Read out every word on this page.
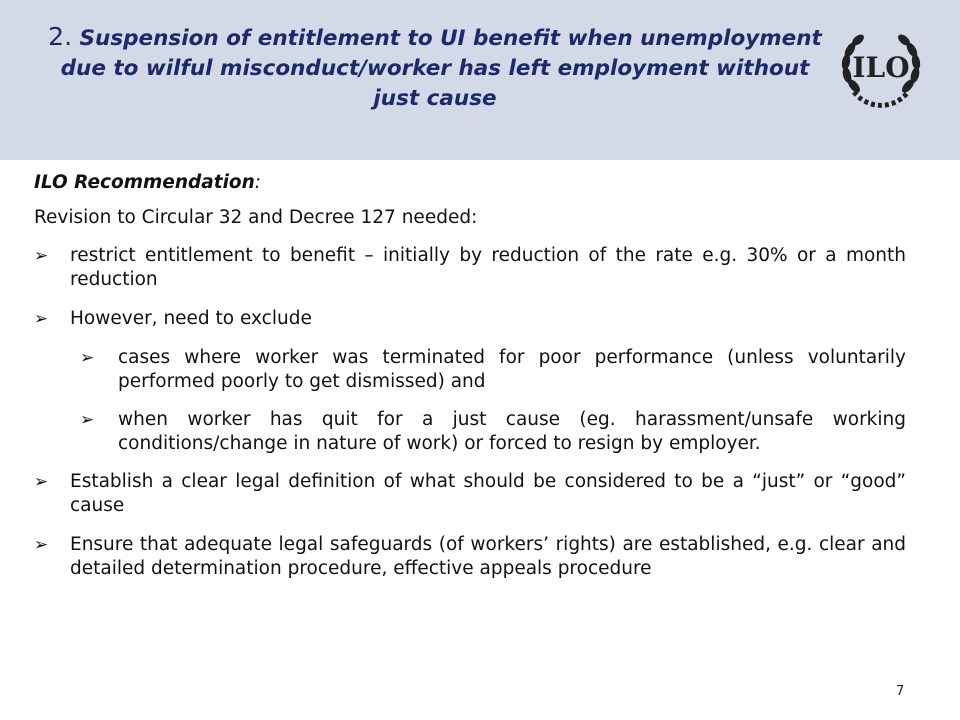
2. Suspension of entitlement to UI benefit when unemployment due to wilful misconduct/worker has left employment without just cause
ILO

ILO Recommendation:

Revision to Circular 32 and Decree 127 needed:

➢ restrict entitlement to benefit – initially by reduction of the rate e.g. 30% or a month reduction
➢ However, need to exclude
➢ cases where worker was terminated for poor performance (unless voluntarily performed poorly to get dismissed) and
➢ when worker has quit for a just cause (eg. harassment/unsafe working conditions/change in nature of work) or forced to resign by employer.
➢ Establish a clear legal definition of what should be considered to be a “just” or “good” cause
➢ Ensure that adequate legal safeguards (of workers’ rights) are established, e.g. clear and detailed determination procedure, effective appeals procedure
7
